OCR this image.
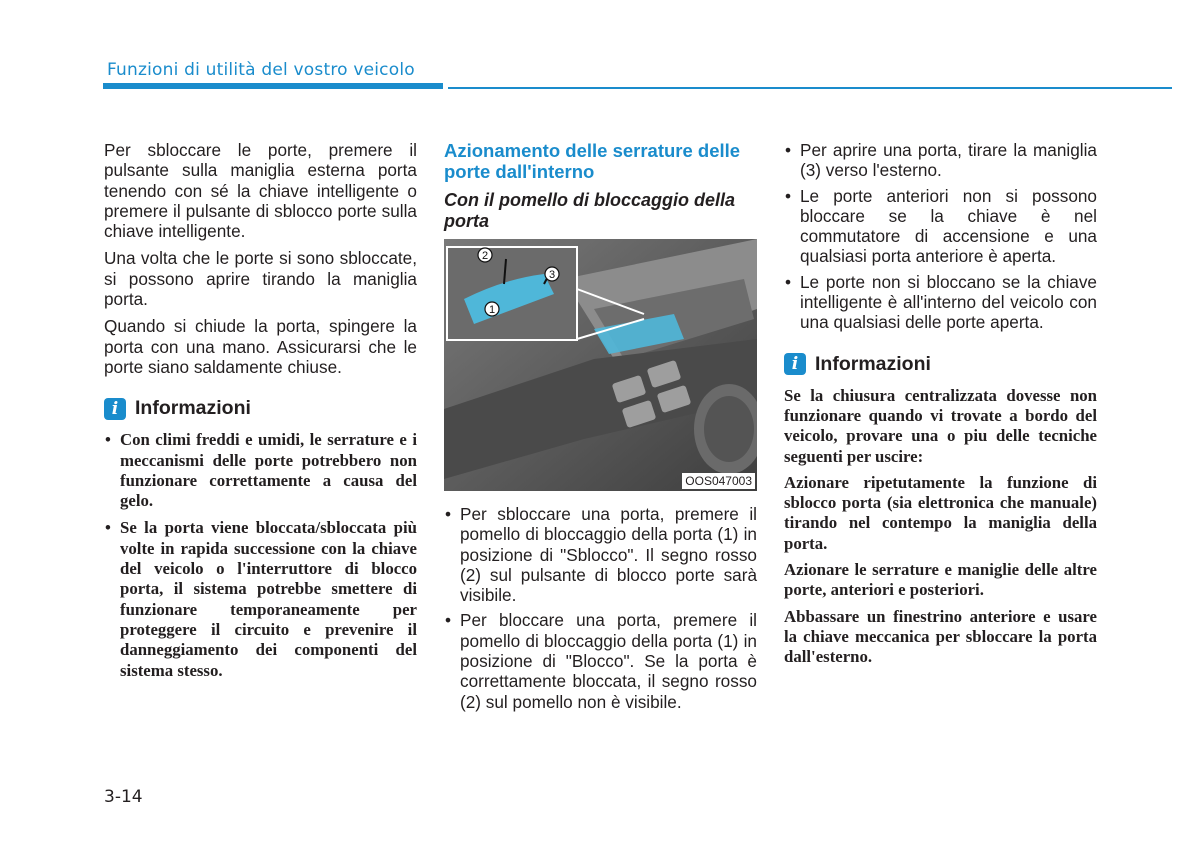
Funzioni di utilità del vostro veicolo

Per sbloccare le porte, premere il pulsante sulla maniglia esterna porta tenendo con sé la chiave intelligente o premere il pulsante di sblocco porte sulla chiave intelligente.

Una volta che le porte si sono sbloccate, si possono aprire tirando la maniglia porta.

Quando si chiude la porta, spingere la porta con una mano. Assicurarsi che le porte siano saldamente chiuse.

i Informazioni
• Con climi freddi e umidi, le serrature e i meccanismi delle porte potrebbero non funzionare correttamente a causa del gelo.
• Se la porta viene bloccata/sbloccata più volte in rapida successione con la chiave del veicolo o l'interruttore di blocco porta, il sistema potrebbe smettere di funzionare temporaneamente per proteggere il circuito e prevenire il danneggiamento dei componenti del sistema stesso.
Azionamento delle serrature delle porte dall'interno
Con il pomello di bloccaggio della porta
2
1
3
OOS047003
• Per sbloccare una porta, premere il pomello di bloccaggio della porta (1) in posizione di "Sblocco". Il segno rosso (2) sul pulsante di blocco porte sarà visibile.
• Per bloccare una porta, premere il pomello di bloccaggio della porta (1) in posizione di "Blocco". Se la porta è correttamente bloccata, il segno rosso (2) sul pomello non è visibile.
• Per aprire una porta, tirare la maniglia (3) verso l'esterno.
• Le porte anteriori non si possono bloccare se la chiave è nel commutatore di accensione e una qualsiasi porta anteriore è aperta.
• Le porte non si bloccano se la chiave intelligente è all'interno del veicolo con una qualsiasi delle porte aperta.
i Informazioni

Se la chiusura centralizzata dovesse non funzionare quando vi trovate a bordo del veicolo, provare una o piu delle tecniche seguenti per uscire:

Azionare ripetutamente la funzione di sblocco porta (sia elettronica che manuale) tirando nel contempo la maniglia della porta.

Azionare le serrature e maniglie delle altre porte, anteriori e posteriori.

Abbassare un finestrino anteriore e usare la chiave meccanica per sbloccare la porta dall'esterno.

3-14
